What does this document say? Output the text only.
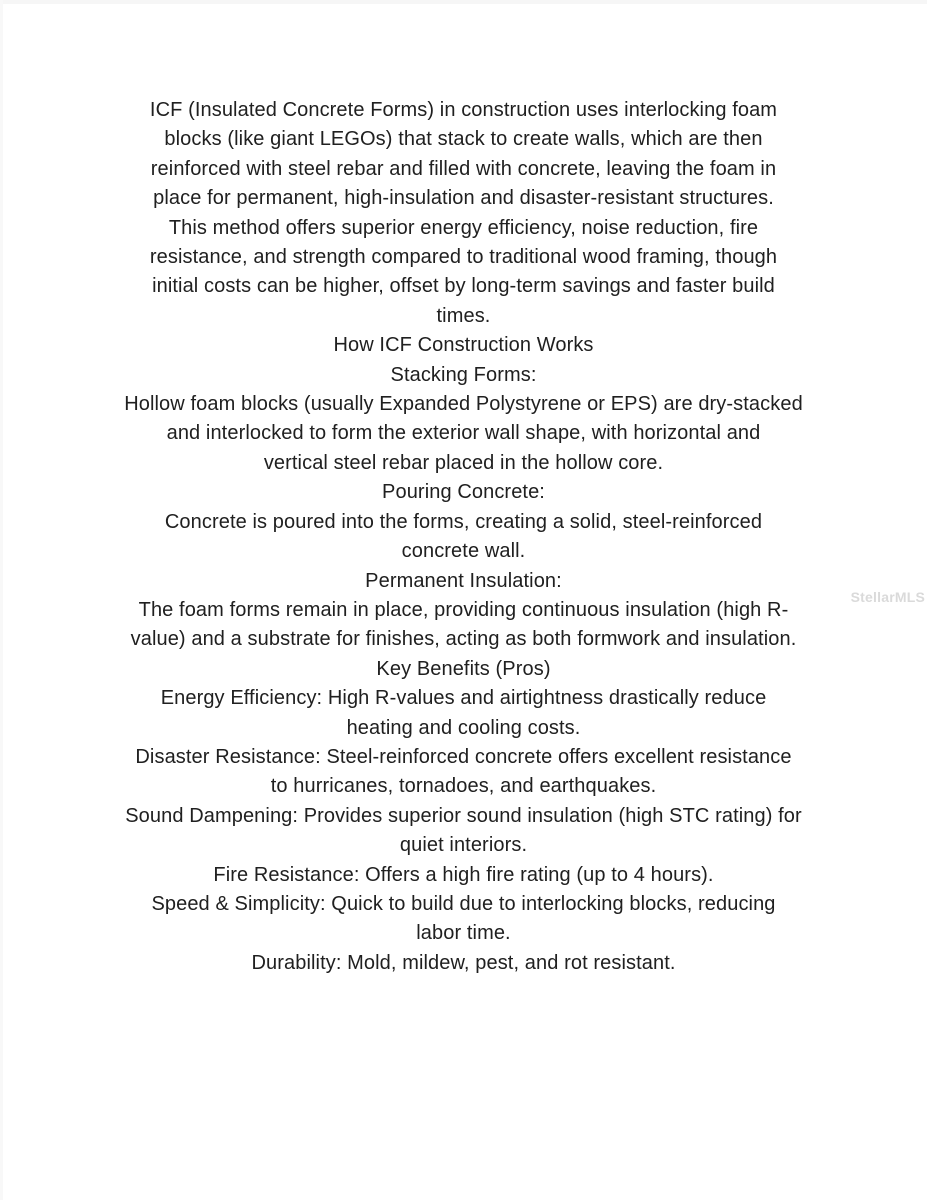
ICF (Insulated Concrete Forms) in construction uses interlocking foam
blocks (like giant LEGOs) that stack to create walls, which are then
reinforced with steel rebar and filled with concrete, leaving the foam in
place for permanent, high-insulation and disaster-resistant structures.
This method offers superior energy efficiency, noise reduction, fire
resistance, and strength compared to traditional wood framing, though
initial costs can be higher, offset by long-term savings and faster build
times.
How ICF Construction Works
Stacking Forms:
Hollow foam blocks (usually Expanded Polystyrene or EPS) are dry-stacked
and interlocked to form the exterior wall shape, with horizontal and
vertical steel rebar placed in the hollow core.
Pouring Concrete:
Concrete is poured into the forms, creating a solid, steel-reinforced
concrete wall.
Permanent Insulation:
The foam forms remain in place, providing continuous insulation (high R-
value) and a substrate for finishes, acting as both formwork and insulation.
Key Benefits (Pros)
Energy Efficiency: High R-values and airtightness drastically reduce
heating and cooling costs.
Disaster Resistance: Steel-reinforced concrete offers excellent resistance
to hurricanes, tornadoes, and earthquakes.
Sound Dampening: Provides superior sound insulation (high STC rating) for
quiet interiors.
Fire Resistance: Offers a high fire rating (up to 4 hours).
Speed & Simplicity: Quick to build due to interlocking blocks, reducing
labor time.
Durability: Mold, mildew, pest, and rot resistant.
StellarMLS
